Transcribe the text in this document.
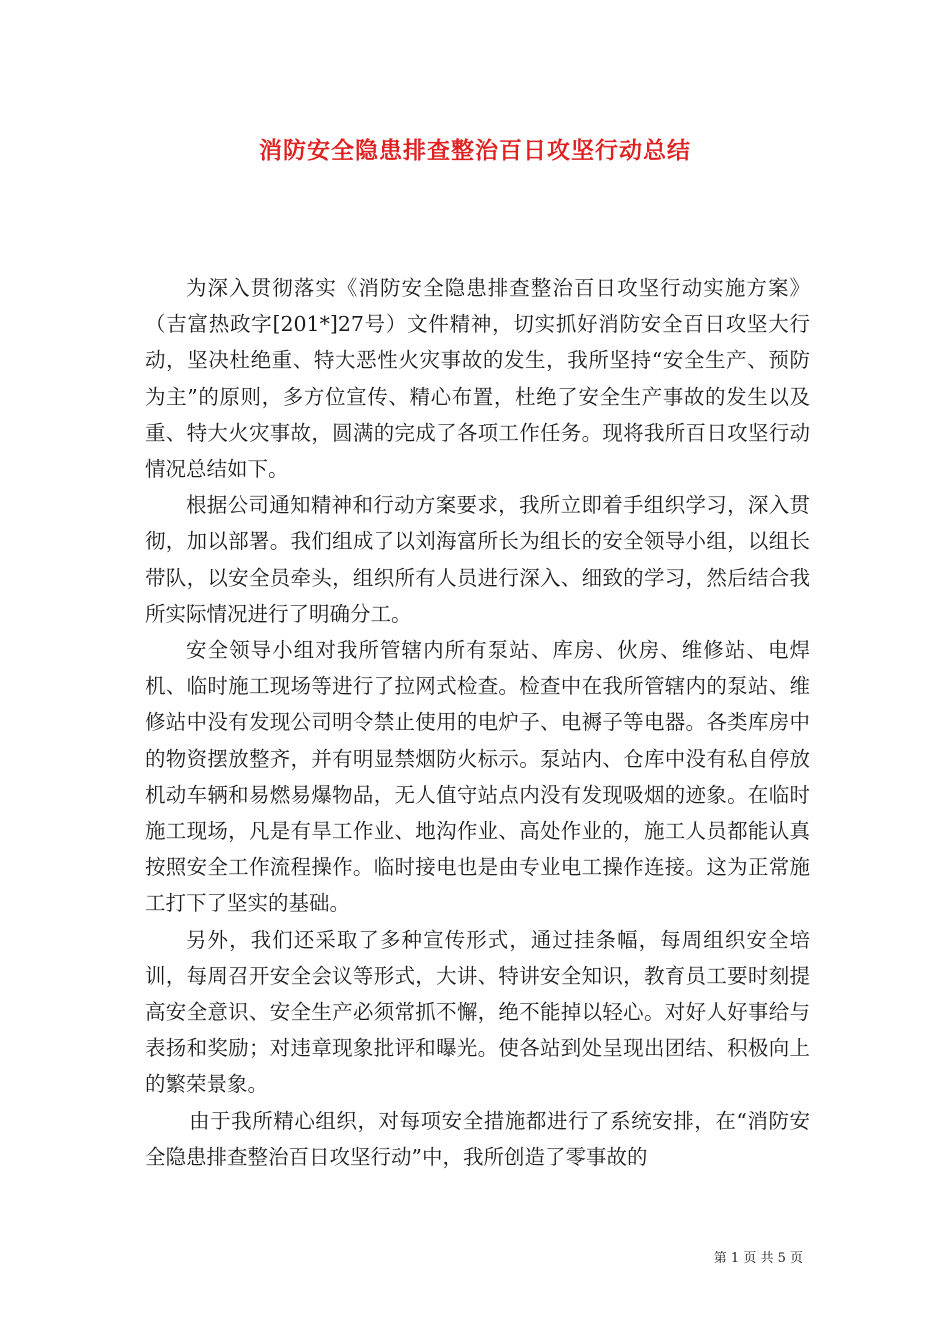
消防安全隐患排查整治百日攻坚行动总结

为深入贯彻落实《消防安全隐患排查整治百日攻坚行动实施方案》（吉富热政字[201*]27号）文件精神，切实抓好消防安全百日攻坚大行动，坚决杜绝重、特大恶性火灾事故的发生，我所坚持“安全生产、预防为主”的原则，多方位宣传、精心布置，杜绝了安全生产事故的发生以及重、特大火灾事故，圆满的完成了各项工作任务。现将我所百日攻坚行动情况总结如下。

根据公司通知精神和行动方案要求，我所立即着手组织学习，深入贯彻，加以部署。我们组成了以刘海富所长为组长的安全领导小组，以组长带队，以安全员牵头，组织所有人员进行深入、细致的学习，然后结合我所实际情况进行了明确分工。

安全领导小组对我所管辖内所有泵站、库房、伙房、维修站、电焊机、临时施工现场等进行了拉网式检查。检查中在我所管辖内的泵站、维修站中没有发现公司明令禁止使用的电炉子、电褥子等电器。各类库房中的物资摆放整齐，并有明显禁烟防火标示。泵站内、仓库中没有私自停放机动车辆和易燃易爆物品，无人值守站点内没有发现吸烟的迹象。在临时施工现场，凡是有旱工作业、地沟作业、高处作业的，施工人员都能认真按照安全工作流程操作。临时接电也是由专业电工操作连接。这为正常施工打下了坚实的基础。

另外，我们还采取了多种宣传形式，通过挂条幅，每周组织安全培训，每周召开安全会议等形式，大讲、特讲安全知识，教育员工要时刻提高安全意识、安全生产必须常抓不懈，绝不能掉以轻心。对好人好事给与表扬和奖励；对违章现象批评和曝光。使各站到处呈现出团结、积极向上的繁荣景象。

由于我所精心组织，对每项安全措施都进行了系统安排，在“消防安全隐患排查整治百日攻坚行动”中，我所创造了零事故的

第 1 页 共 5 页
